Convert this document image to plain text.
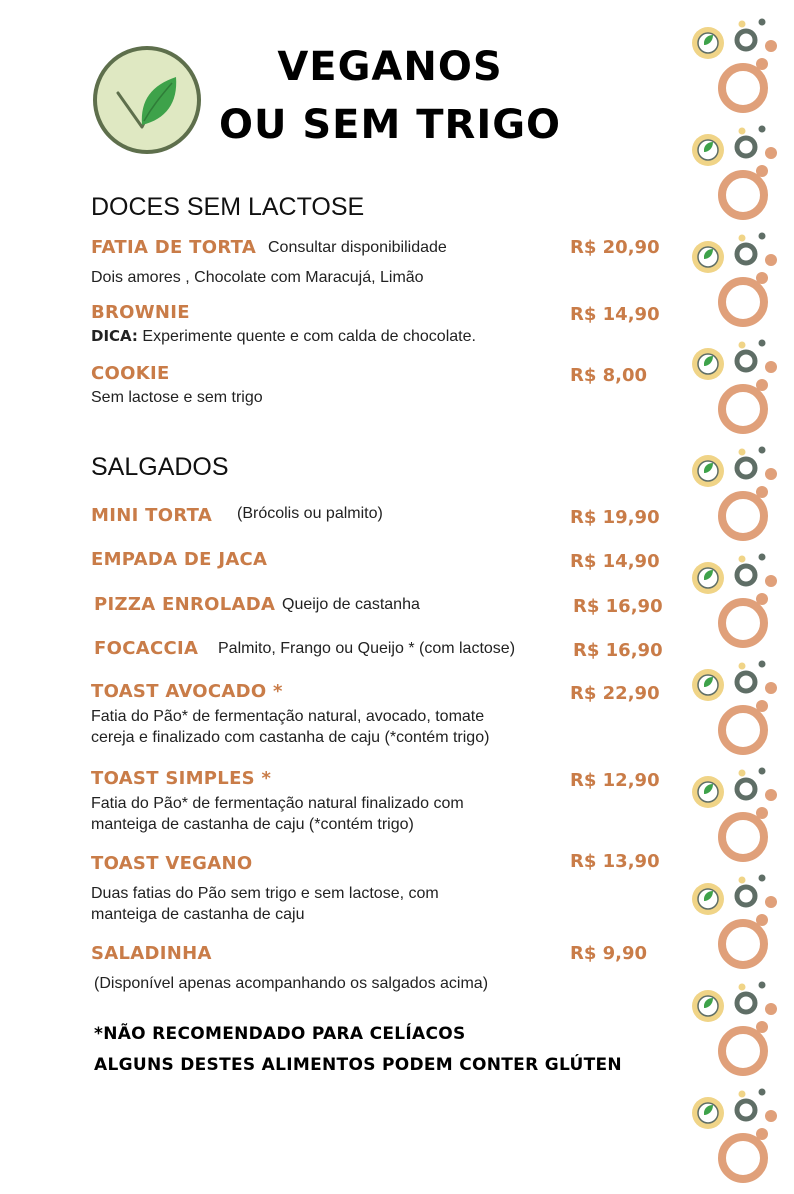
VEGANOS
OU SEM TRIGO
DOCES SEM LACTOSE
FATIA DE TORTA Consultar disponibilidade	R$ 20,90
Dois amores , Chocolate com Maracujá, Limão
BROWNIE	R$ 14,90
DICA: Experimente quente e com calda de chocolate.
COOKIE	R$ 8,00
Sem lactose e sem trigo
SALGADOS
MINI TORTA (Brócolis ou palmito)	R$ 19,90
EMPADA DE JACA	R$ 14,90
PIZZA ENROLADA Queijo de castanha	R$ 16,90
FOCACCIA Palmito, Frango ou Queijo * (com lactose)	R$ 16,90
TOAST AVOCADO *	R$ 22,90
Fatia do Pão* de fermentação natural, avocado, tomate
cereja e finalizado com castanha de caju (*contém trigo)
TOAST SIMPLES *	R$ 12,90
Fatia do Pão* de fermentação natural finalizado com
manteiga de castanha de caju (*contém trigo)
TOAST VEGANO	R$ 13,90
Duas fatias do Pão sem trigo e sem lactose, com
manteiga de castanha de caju
SALADINHA	R$ 9,90
(Disponível apenas acompanhando os salgados acima)
*NÃO RECOMENDADO PARA CELÍACOS
ALGUNS DESTES ALIMENTOS PODEM CONTER GLÚTEN
